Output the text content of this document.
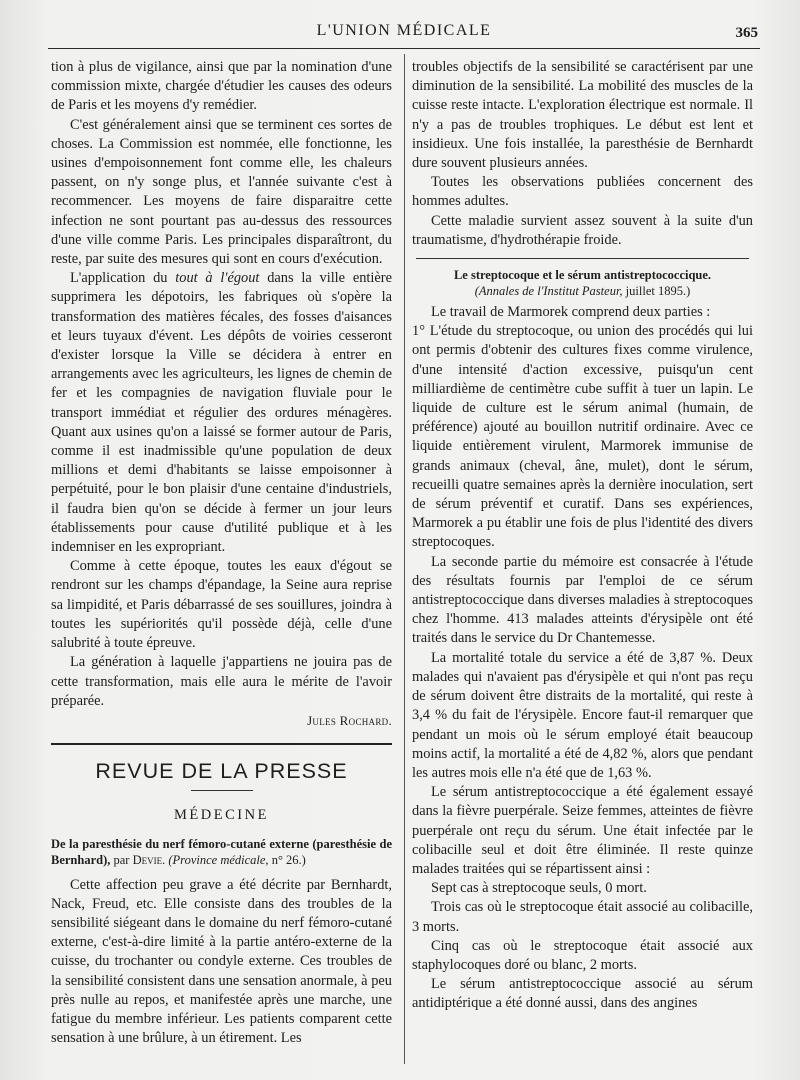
L'UNION MÉDICALE	365

tion à plus de vigilance, ainsi que par la nomination d'une commission mixte, chargée d'étudier les causes des odeurs de Paris et les moyens d'y remédier.

C'est généralement ainsi que se terminent ces sortes de choses. La Commission est nommée, elle fonctionne, les usines d'empoisonnement font comme elle, les chaleurs passent, on n'y songe plus, et l'année suivante c'est à recommencer. Les moyens de faire disparaitre cette infection ne sont pourtant pas au-dessus des ressources d'une ville comme Paris. Les principales disparaîtront, du reste, par suite des mesures qui sont en cours d'exécution.

L'application du tout à l'égout dans la ville entière supprimera les dépotoirs, les fabriques où s'opère la transformation des matières fécales, des fosses d'aisances et leurs tuyaux d'évent. Les dépôts de voiries cesseront d'exister lorsque la Ville se décidera à entrer en arrangements avec les agriculteurs, les lignes de chemin de fer et les compagnies de navigation fluviale pour le transport immédiat et régulier des ordures ménagères. Quant aux usines qu'on a laissé se former autour de Paris, comme il est inadmissible qu'une population de deux millions et demi d'habitants se laisse empoisonner à perpétuité, pour le bon plaisir d'une centaine d'industriels, il faudra bien qu'on se décide à fermer un jour leurs établissements pour cause d'utilité publique et à les indemniser en les expropriant.

Comme à cette époque, toutes les eaux d'égout se rendront sur les champs d'épandage, la Seine aura reprise sa limpidité, et Paris débarrassé de ses souillures, joindra à toutes les supériorités qu'il possède déjà, celle d'une salubrité à toute épreuve.

La génération à laquelle j'appartiens ne jouira pas de cette transformation, mais elle aura le mérite de l'avoir préparée.

Jules Rochard.
REVUE DE LA PRESSE
MÉDECINE
De la paresthésie du nerf fémoro-cutané externe (paresthésie de Bernhard), par Devie. (Province médicale, n° 26.)

Cette affection peu grave a été décrite par Bernhardt, Nack, Freud, etc. Elle consiste dans des troubles de la sensibilité siégeant dans le domaine du nerf fémoro-cutané externe, c'est-à-dire limité à la partie antéro-externe de la cuisse, du trochanter ou condyle externe. Ces troubles de la sensibilité consistent dans une sensation anormale, à peu près nulle au repos, et manifestée après une marche, une fatigue du membre inférieur. Les patients comparent cette sensation à une brûlure, à un étirement. Les

troubles objectifs de la sensibilité se caractérisent par une diminution de la sensibilité. La mobilité des muscles de la cuisse reste intacte. L'exploration électrique est normale. Il n'y a pas de troubles trophiques. Le début est lent et insidieux. Une fois installée, la paresthésie de Bernhardt dure souvent plusieurs années.

Toutes les observations publiées concernent des hommes adultes.

Cette maladie survient assez souvent à la suite d'un traumatisme, d'hydrothérapie froide.

Le streptocoque et le sérum antistreptococcique.
(Annales de l'Institut Pasteur, juillet 1895.)

Le travail de Marmorek comprend deux parties :

1° L'étude du streptocoque, ou union des procédés qui lui ont permis d'obtenir des cultures fixes comme virulence, d'une intensité d'action excessive, puisqu'un cent milliardième de centimètre cube suffit à tuer un lapin. Le liquide de culture est le sérum animal (humain, de préférence) ajouté au bouillon nutritif ordinaire. Avec ce liquide entièrement virulent, Marmorek immunise de grands animaux (cheval, âne, mulet), dont le sérum, recueilli quatre semaines après la dernière inoculation, sert de sérum préventif et curatif. Dans ses expériences, Marmorek a pu établir une fois de plus l'identité des divers streptocoques.

La seconde partie du mémoire est consacrée à l'étude des résultats fournis par l'emploi de ce sérum antistreptococcique dans diverses maladies à streptocoques chez l'homme. 413 malades atteints d'érysipèle ont été traités dans le service du Dr Chantemesse.

La mortalité totale du service a été de 3,87 %. Deux malades qui n'avaient pas d'érysipèle et qui n'ont pas reçu de sérum doivent être distraits de la mortalité, qui reste à 3,4 % du fait de l'érysipèle. Encore faut-il remarquer que pendant un mois où le sérum employé était beaucoup moins actif, la mortalité a été de 4,82 %, alors que pendant les autres mois elle n'a été que de 1,63 %.

Le sérum antistreptococcique a été également essayé dans la fièvre puerpérale. Seize femmes, atteintes de fièvre puerpérale ont reçu du sérum. Une était infectée par le colibacille seul et doit être éliminée. Il reste quinze malades traitées qui se répartissent ainsi :

Sept cas à streptocoque seuls, 0 mort.

Trois cas où le streptocoque était associé au colibacille, 3 morts.

Cinq cas où le streptocoque était associé aux staphylocoques doré ou blanc, 2 morts.

Le sérum antistreptococcique associé au sérum antidiptérique a été donné aussi, dans des angines
